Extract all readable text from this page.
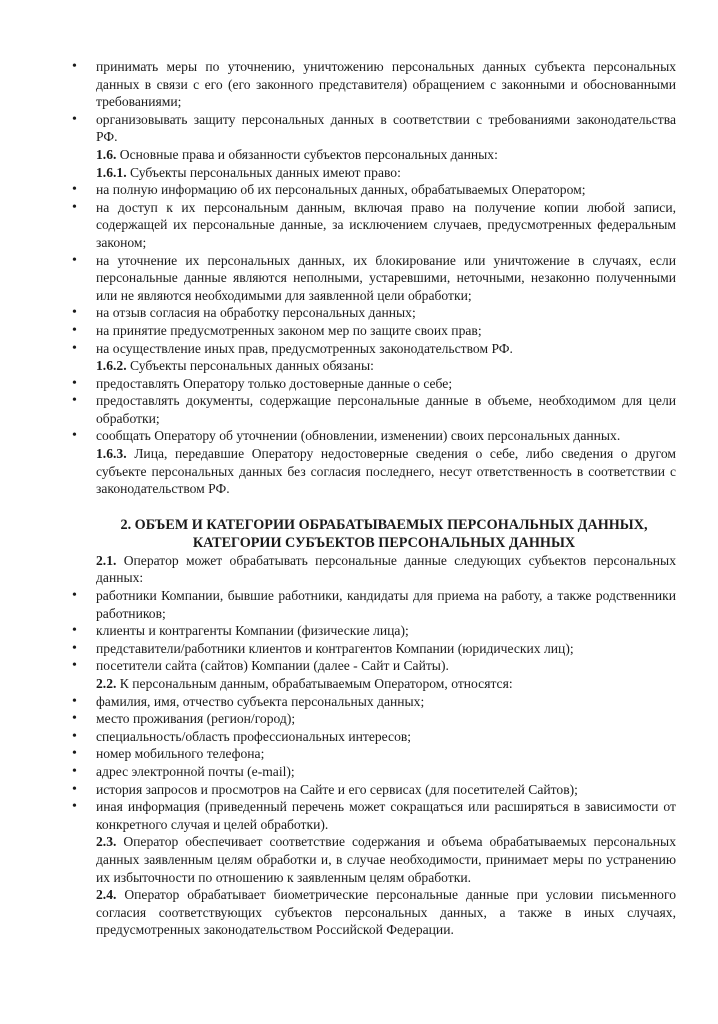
• принимать меры по уточнению, уничтожению персональных данных субъекта персональных данных в связи с его (его законного представителя) обращением с законными и обоснованными требованиями;
• организовывать защиту персональных данных в соответствии с требованиями законодательства РФ.
1.6. Основные права и обязанности субъектов персональных данных:
1.6.1. Субъекты персональных данных имеют право:
• на полную информацию об их персональных данных, обрабатываемых Оператором;
• на доступ к их персональным данным, включая право на получение копии любой записи, содержащей их персональные данные, за исключением случаев, предусмотренных федеральным законом;
• на уточнение их персональных данных, их блокирование или уничтожение в случаях, если персональные данные являются неполными, устаревшими, неточными, незаконно полученными или не являются необходимыми для заявленной цели обработки;
• на отзыв согласия на обработку персональных данных;
• на принятие предусмотренных законом мер по защите своих прав;
• на осуществление иных прав, предусмотренных законодательством РФ.
1.6.2. Субъекты персональных данных обязаны:
• предоставлять Оператору только достоверные данные о себе;
• предоставлять документы, содержащие персональные данные в объеме, необходимом для цели обработки;
• сообщать Оператору об уточнении (обновлении, изменении) своих персональных данных.
1.6.3. Лица, передавшие Оператору недостоверные сведения о себе, либо сведения о другом субъекте персональных данных без согласия последнего, несут ответственность в соответствии с законодательством РФ.
2. ОБЪЕМ И КАТЕГОРИИ ОБРАБАТЫВАЕМЫХ ПЕРСОНАЛЬНЫХ ДАННЫХ, КАТЕГОРИИ СУБЪЕКТОВ ПЕРСОНАЛЬНЫХ ДАННЫХ
2.1. Оператор может обрабатывать персональные данные следующих субъектов персональных данных:
• работники Компании, бывшие работники, кандидаты для приема на работу, а также родственники работников;
• клиенты и контрагенты Компании (физические лица);
• представители/работники клиентов и контрагентов Компании (юридических лиц);
• посетители сайта (сайтов) Компании (далее - Сайт и Сайты).
2.2. К персональным данным, обрабатываемым Оператором, относятся:
• фамилия, имя, отчество субъекта персональных данных;
• место проживания (регион/город);
• специальность/область профессиональных интересов;
• номер мобильного телефона;
• адрес электронной почты (e-mail);
• история запросов и просмотров на Сайте и его сервисах (для посетителей Сайтов);
• иная информация (приведенный перечень может сокращаться или расширяться в зависимости от конкретного случая и целей обработки).
2.3. Оператор обеспечивает соответствие содержания и объема обрабатываемых персональных данных заявленным целям обработки и, в случае необходимости, принимает меры по устранению их избыточности по отношению к заявленным целям обработки.
2.4. Оператор обрабатывает биометрические персональные данные при условии письменного согласия соответствующих субъектов персональных данных, а также в иных случаях, предусмотренных законодательством Российской Федерации.
